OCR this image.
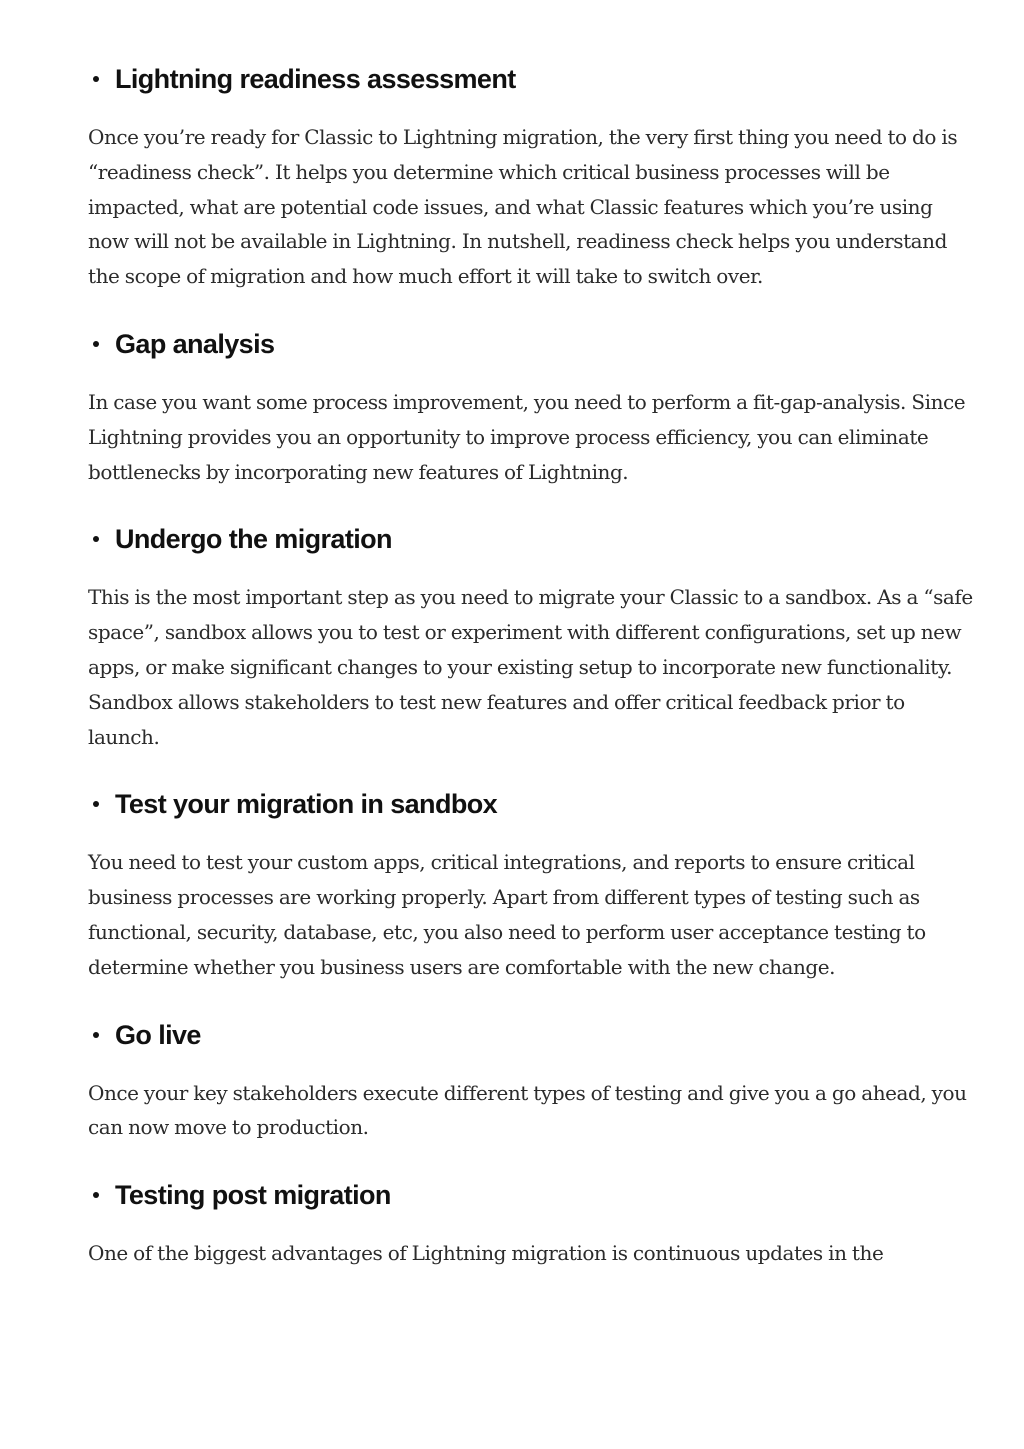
Lightning readiness assessment

Once you’re ready for Classic to Lightning migration, the very first thing you need to do is “readiness check”. It helps you determine which critical business processes will be impacted, what are potential code issues, and what Classic features which you’re using now will not be available in Lightning. In nutshell, readiness check helps you understand the scope of migration and how much effort it will take to switch over.

Gap analysis

In case you want some process improvement, you need to perform a fit-gap-analysis. Since Lightning provides you an opportunity to improve process efficiency, you can eliminate bottlenecks by incorporating new features of Lightning.

Undergo the migration

This is the most important step as you need to migrate your Classic to a sandbox. As a “safe space”, sandbox allows you to test or experiment with different configurations, set up new apps, or make significant changes to your existing setup to incorporate new functionality. Sandbox allows stakeholders to test new features and offer critical feedback prior to launch.

Test your migration in sandbox

You need to test your custom apps, critical integrations, and reports to ensure critical business processes are working properly. Apart from different types of testing such as functional, security, database, etc, you also need to perform user acceptance testing to determine whether you business users are comfortable with the new change.

Go live

Once your key stakeholders execute different types of testing and give you a go ahead, you can now move to production.

Testing post migration

One of the biggest advantages of Lightning migration is continuous updates in the
